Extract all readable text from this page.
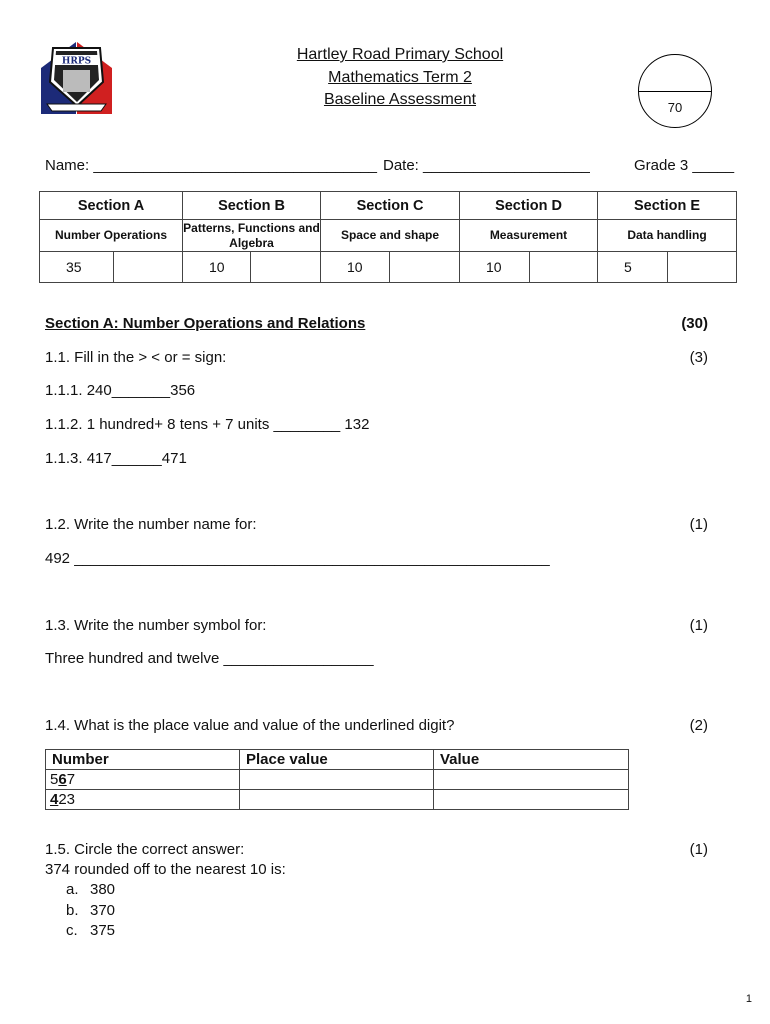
HRPS	Hartley Road Primary School
Mathematics Term 2
Baseline Assessment	70
Name: __________________________________ Date: ____________________	Grade 3 _____
Section A		Section B		Section C		Section D		Section E	
Number Operations		Patterns, Functions and Algebra		Space and shape		Measurement		Data handling	
35		10		10		10		5	
Section A: Number Operations and Relations	(30)
1.1. Fill in the > < or = sign:	(3)
1.1.1. 240_______356
1.1.2. 1 hundred+ 8 tens + 7 units ________ 132
1.1.3. 417______471
1.2. Write the number name for:	(1)
492 _________________________________________________________
1.3. Write the number symbol for:	(1)
Three hundred and twelve __________________
1.4. What is the place value and value of the underlined digit?	(2)
Number	Place value	Value
567		
423		
1.5. Circle the correct answer:	(1)
374 rounded off to the nearest 10 is:
a. 380
b. 370
c. 375
1
